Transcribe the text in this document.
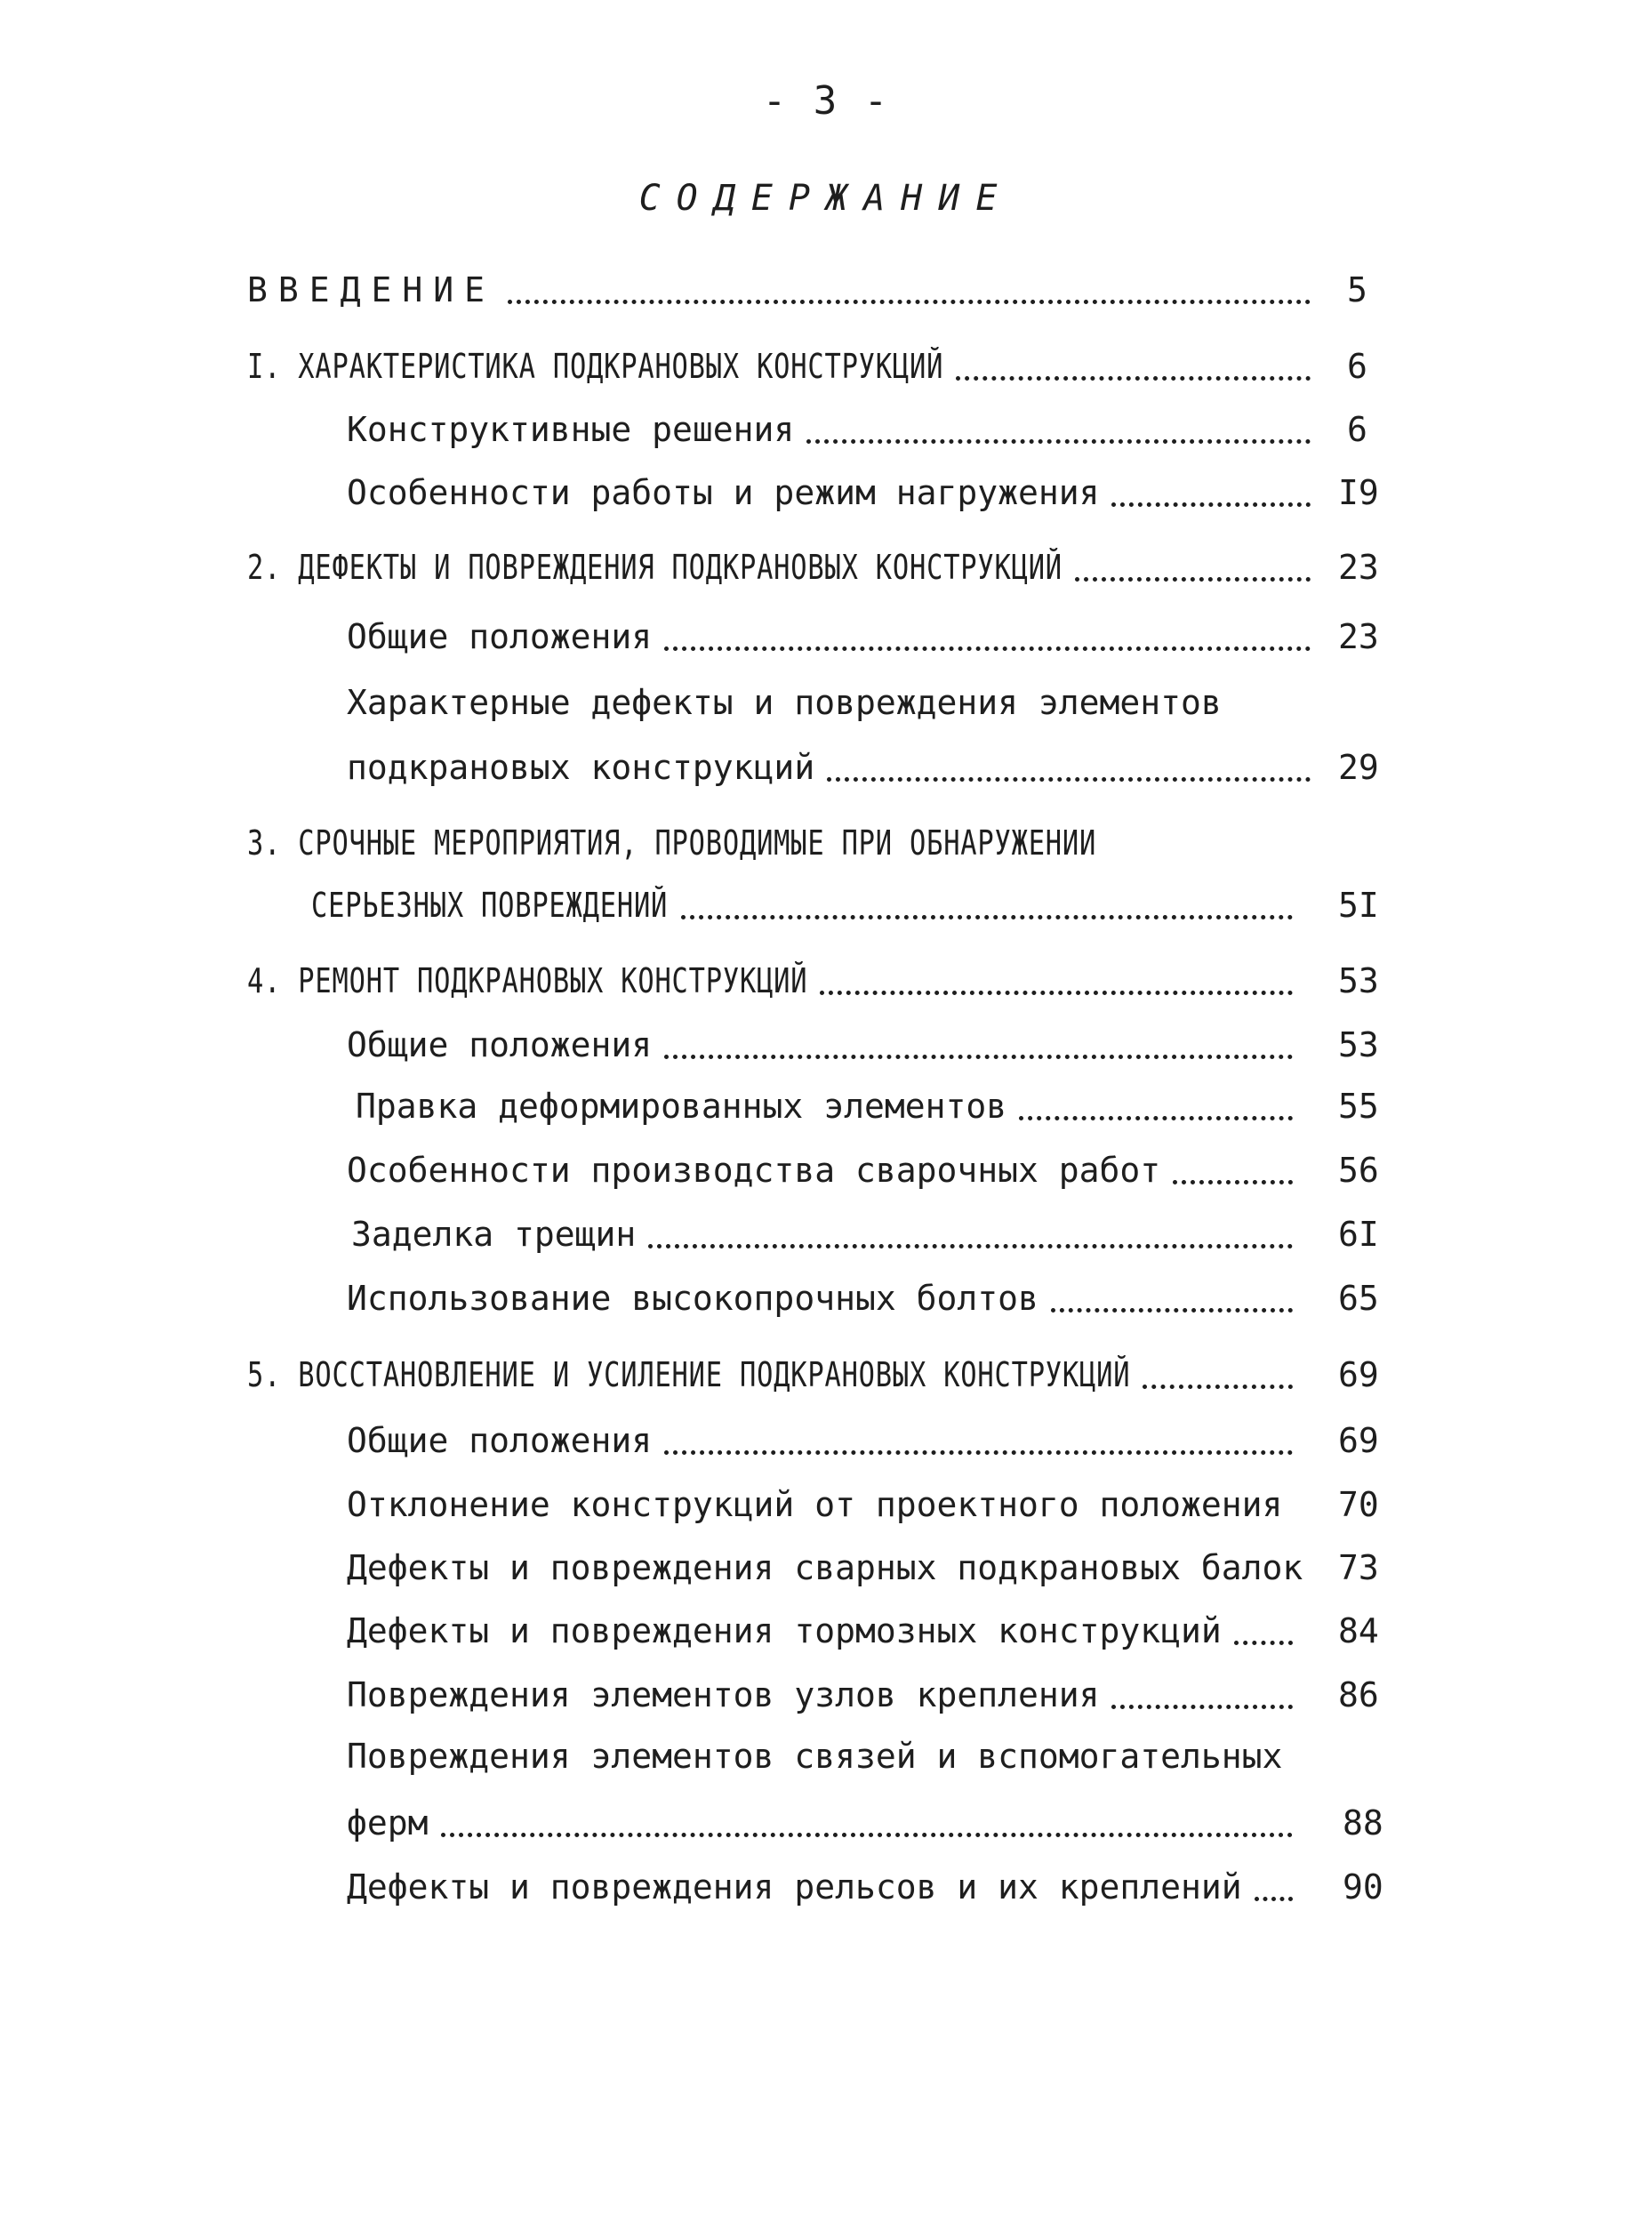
- 3 -
СОДЕРЖАНИЕ
ВВЕДЕНИЕ	5
I. ХАРАКТЕРИСТИКА ПОДКРАНОВЫХ КОНСТРУКЦИЙ	6
Конструктивные решения	6
Особенности работы и режим нагружения	I9
2. ДЕФЕКТЫ И ПОВРЕЖДЕНИЯ ПОДКРАНОВЫХ КОНСТРУКЦИЙ	23
Общие положения	23
Характерные дефекты и повреждения элементов
подкрановых конструкций	29
3. СРОЧНЫЕ МЕРОПРИЯТИЯ, ПРОВОДИМЫЕ ПРИ ОБНАРУЖЕНИИ
СЕРЬЕЗНЫХ ПОВРЕЖДЕНИЙ	5I
4. РЕМОНТ ПОДКРАНОВЫХ КОНСТРУКЦИЙ	53
Общие положения	53
Правка деформированных элементов	55
Особенности производства сварочных работ	56
Заделка трещин	6I
Использование высокопрочных болтов	65
5. ВОССТАНОВЛЕНИЕ И УСИЛЕНИЕ ПОДКРАНОВЫХ КОНСТРУКЦИЙ	69
Общие положения	69
Отклонение конструкций от проектного положения 70
Дефекты и повреждения сварных подкрановых балок 73
Дефекты и повреждения тормозных конструкций	84
Повреждения элементов узлов крепления	86
Повреждения элементов связей и вспомогательных
ферм	88
Дефекты и повреждения рельсов и их креплений	90
